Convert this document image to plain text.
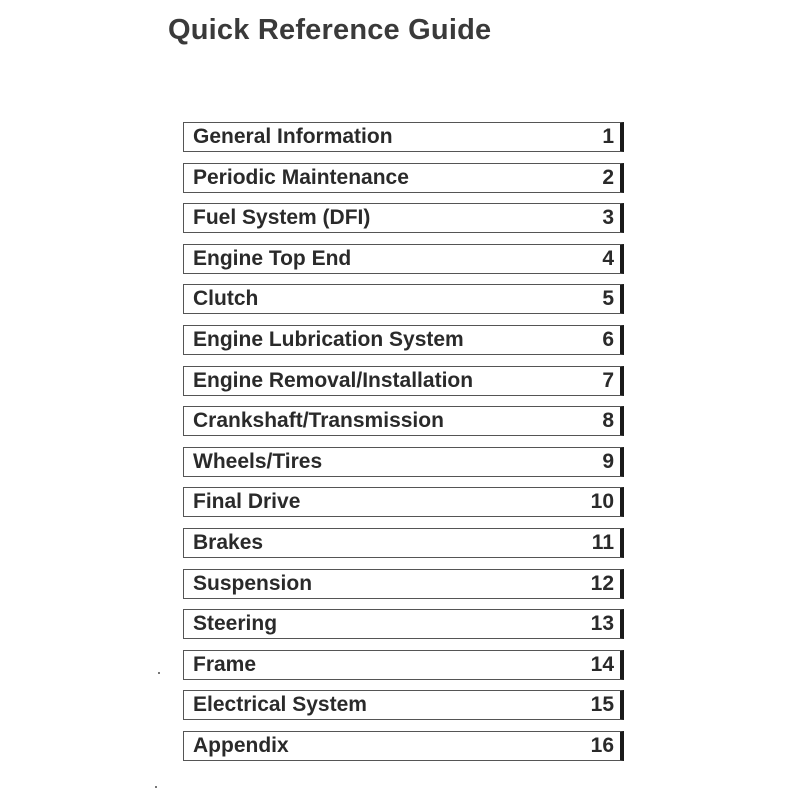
Quick Reference Guide
General Information	1
Periodic Maintenance	2
Fuel System (DFI)	3
Engine Top End	4
Clutch	5
Engine Lubrication System	6
Engine Removal/Installation	7
Crankshaft/Transmission	8
Wheels/Tires	9
Final Drive	10
Brakes	11
Suspension	12
Steering	13
Frame	14
Electrical System	15
Appendix	16
